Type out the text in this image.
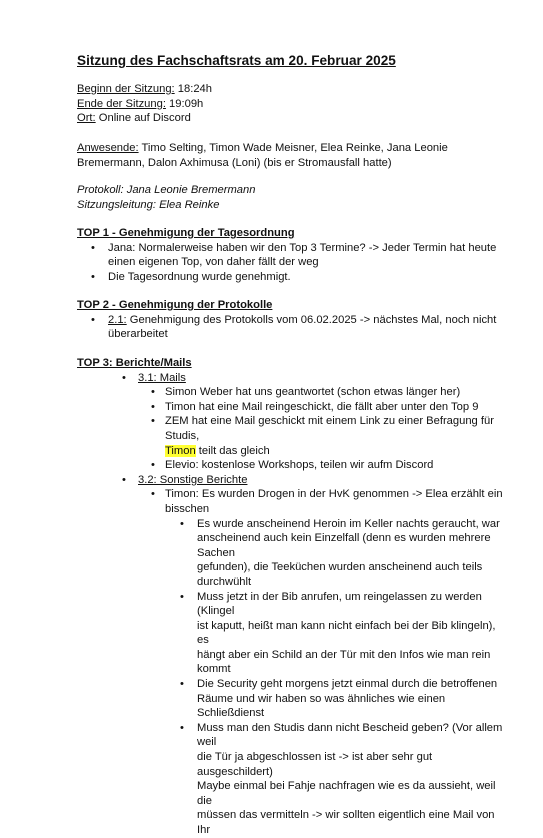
Sitzung des Fachschaftsrats am 20. Februar 2025
Beginn der Sitzung: 18:24h
Ende der Sitzung: 19:09h
Ort: Online auf Discord
Anwesende: Timo Selting, Timon Wade Meisner, Elea Reinke, Jana Leonie
Bremermann, Dalon Axhimusa (Loni) (bis er Stromausfall hatte)
Protokoll: Jana Leonie Bremermann
Sitzungsleitung: Elea Reinke
TOP 1 - Genehmigung der Tagesordnung
• Jana: Normalerweise haben wir den Top 3 Termine? -> Jeder Termin hat heute
einen eigenen Top, von daher fällt der weg
• Die Tagesordnung wurde genehmigt.
TOP 2 - Genehmigung der Protokolle
• 2.1: Genehmigung des Protokolls vom 06.02.2025 -> nächstes Mal, noch nicht
überarbeitet
TOP 3: Berichte/Mails
• 3.1: Mails
• Simon Weber hat uns geantwortet (schon etwas länger her)
• Timon hat eine Mail reingeschickt, die fällt aber unter den Top 9
• ZEM hat eine Mail geschickt mit einem Link zu einer Befragung für Studis,
Timon teilt das gleich
• Elevio: kostenlose Workshops, teilen wir aufm Discord
• 3.2: Sonstige Berichte
• Timon: Es wurden Drogen in der HvK genommen -> Elea erzählt ein
bisschen
• Es wurde anscheinend Heroin im Keller nachts geraucht, war
anscheinend auch kein Einzelfall (denn es wurden mehrere Sachen
gefunden), die Teeküchen wurden anscheinend auch teils
durchwühlt
• Muss jetzt in der Bib anrufen, um reingelassen zu werden (Klingel
ist kaputt, heißt man kann nicht einfach bei der Bib klingeln), es
hängt aber ein Schild an der Tür mit den Infos wie man rein kommt
• Die Security geht morgens jetzt einmal durch die betroffenen
Räume und wir haben so was ähnliches wie einen Schließdienst
• Muss man den Studis dann nicht Bescheid geben? (Vor allem weil
die Tür ja abgeschlossen ist -> ist aber sehr gut ausgeschildert)
Maybe einmal bei Fahje nachfragen wie es da aussieht, weil die
müssen das vermitteln -> wir sollten eigentlich eine Mail von Ihr
